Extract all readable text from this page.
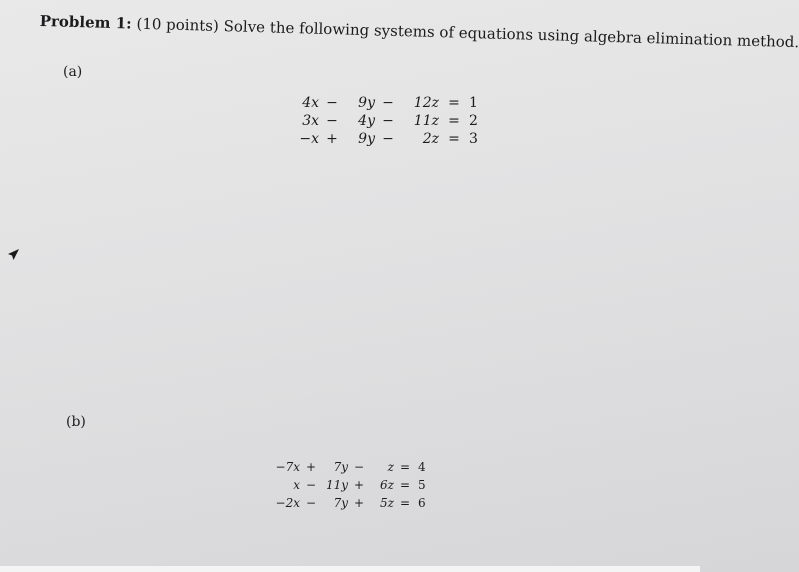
Problem 1: (10 points) Solve the following systems of equations using algebra elimination method.
(a)
4x	−	9y	−	12z	=	1
3x	−	4y	−	11z	=	2
−x	+	9y	−	2z	=	3
(b)
−7x	+	7y	−	z	=	4
x	−	11y	+	6z	=	5
−2x	−	7y	+	5z	=	6
